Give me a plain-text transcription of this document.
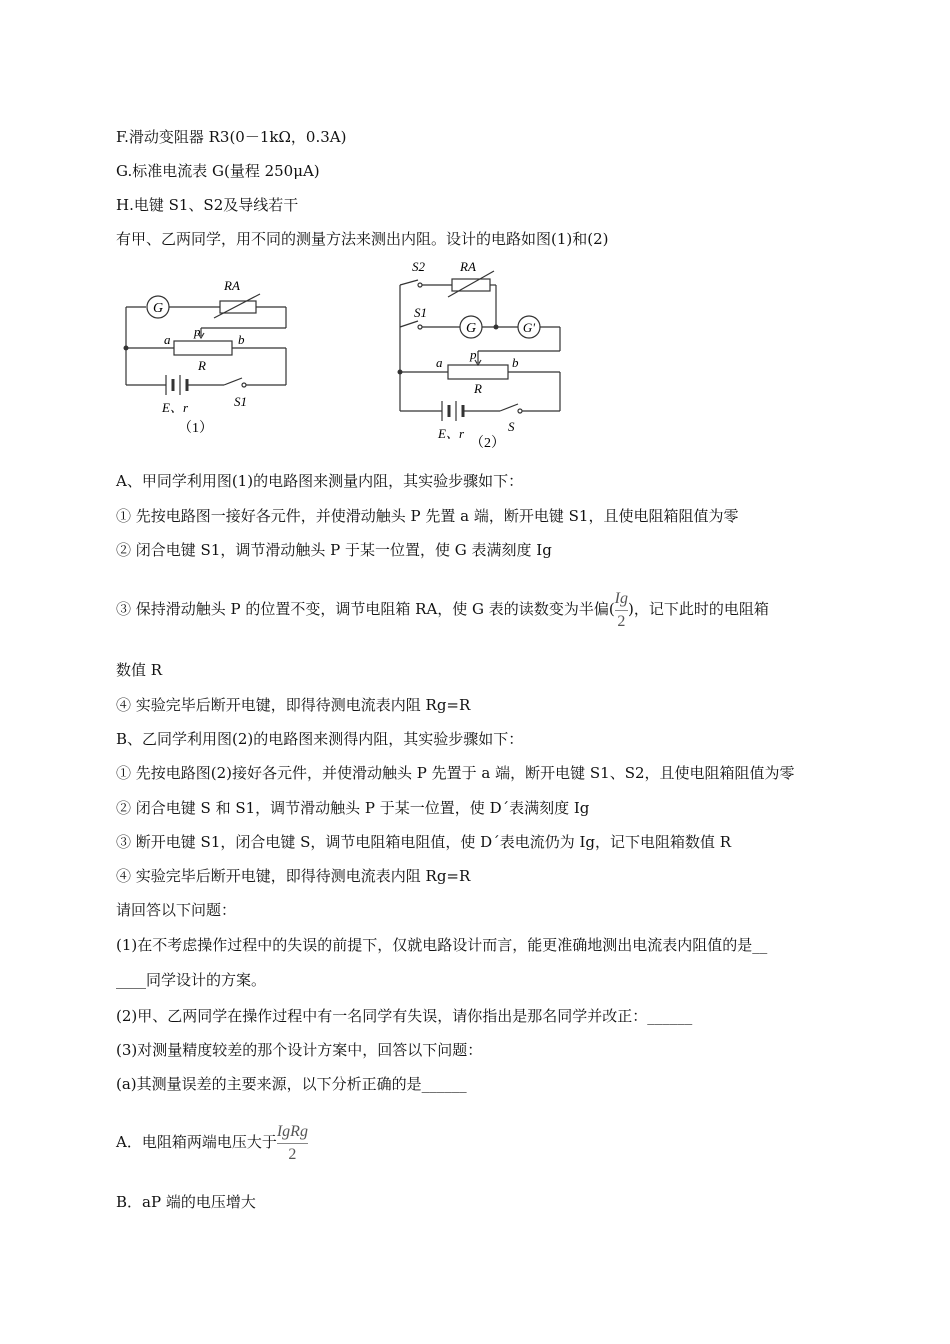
F.滑动变阻器 R3(0－1kΩ，0.3A)
G.标准电流表 G(量程 250μA)
H.电键 S1、S2及导线若干
有甲、乙两同学，用不同的测量方法来测出内阻。设计的电路如图(1)和(2)
G
RA
a
p
b
R
E、r	S1
（1）
S2	RA
S1
G	G'
a
p
b
R
E、r	S
（2）
A、甲同学利用图(1)的电路图来测量内阻，其实验步骤如下：
① 先按电路图一接好各元件，并使滑动触头 P 先置 a 端，断开电键 S1，且使电阻箱阻值为零
② 闭合电键 S1，调节滑动触头 P 于某一位置，使 G 表满刻度 Ig
③ 保持滑动触头 P 的位置不变，调节电阻箱 RA，使 G 表的读数变为半偏( $\frac{Ig}{2}$ )，记下此时的电阻箱
数值 R
④ 实验完毕后断开电键，即得待测电流表内阻 Rg=R
B、乙同学利用图(2)的电路图来测得内阻，其实验步骤如下：
① 先按电路图(2)接好各元件，并使滑动触头 P 先置于 a 端，断开电键 S1、S2，且使电阻箱阻值为零
② 闭合电键 S 和 S1，调节滑动触头 P 于某一位置，使 D´表满刻度 Ig
③ 断开电键 S1，闭合电键 S，调节电阻箱电阻值，使 D´表电流仍为 Ig，记下电阻箱数值 R
④ 实验完毕后断开电键，即得待测电流表内阻 Rg=R
请回答以下问题：
(1)在不考虑操作过程中的失误的前提下，仅就电路设计而言，能更准确地测出电流表内阻值的是__
____同学设计的方案。
(2)甲、乙两同学在操作过程中有一名同学有失误，请你指出是那名同学并改正：______
(3)对测量精度较差的那个设计方案中，回答以下问题：
(a)其测量误差的主要来源，以下分析正确的是______
A．电阻箱两端电压大于 $\frac{\text{IgRg}}{2}$
B．aP 端的电压增大
